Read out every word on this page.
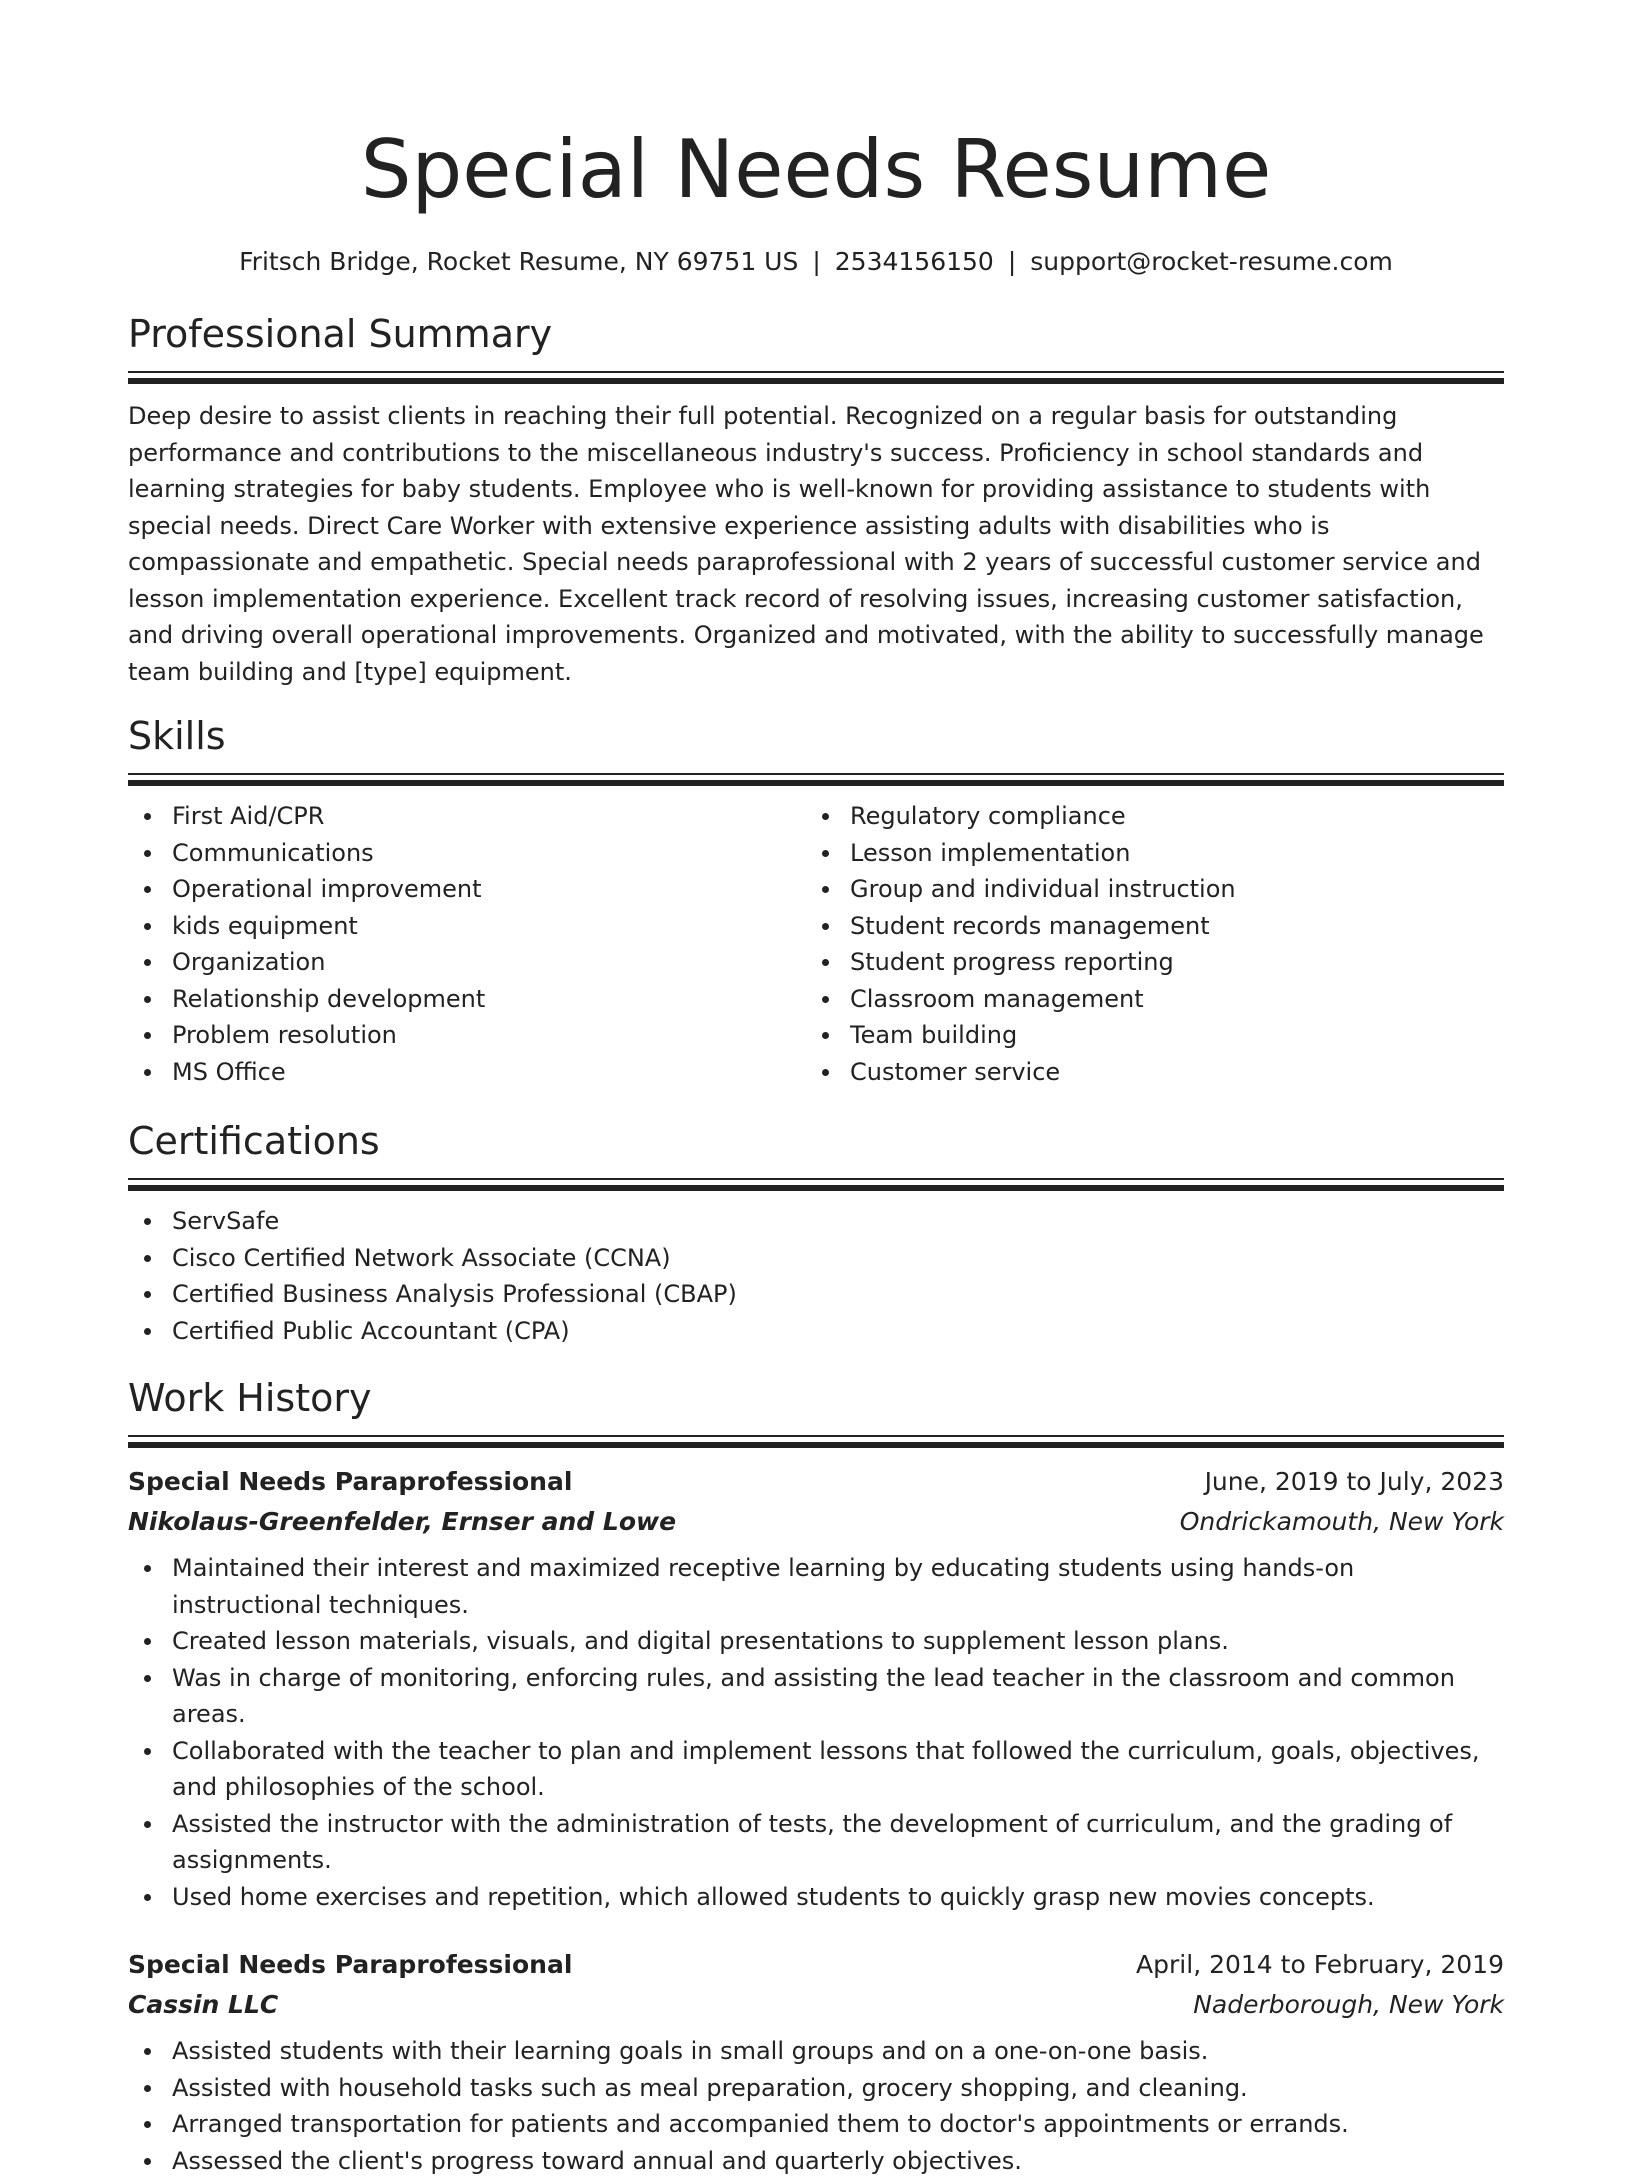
Special Needs Resume
Fritsch Bridge, Rocket Resume, NY 69751 US | 2534156150 | support@rocket-resume.com
Professional Summary

Deep desire to assist clients in reaching their full potential. Recognized on a regular basis for outstanding performance and contributions to the miscellaneous industry's success. Proficiency in school standards and learning strategies for baby students. Employee who is well-known for providing assistance to students with special needs. Direct Care Worker with extensive experience assisting adults with disabilities who is compassionate and empathetic. Special needs paraprofessional with 2 years of successful customer service and lesson implementation experience. Excellent track record of resolving issues, increasing customer satisfaction, and driving overall operational improvements. Organized and motivated, with the ability to successfully manage team building and [type] equipment.

Skills
First Aid/CPR
Communications
Operational improvement
kids equipment
Organization
Relationship development
Problem resolution
MS Office
Regulatory compliance
Lesson implementation
Group and individual instruction
Student records management
Student progress reporting
Classroom management
Team building
Customer service
Certifications
ServSafe
Cisco Certified Network Associate (CCNA)
Certified Business Analysis Professional (CBAP)
Certified Public Accountant (CPA)
Work History
Special Needs Paraprofessional	June, 2019 to July, 2023
Nikolaus-Greenfelder, Ernser and Lowe	Ondrickamouth, New York
Maintained their interest and maximized receptive learning by educating students using hands-on instructional techniques.
Created lesson materials, visuals, and digital presentations to supplement lesson plans.
Was in charge of monitoring, enforcing rules, and assisting the lead teacher in the classroom and common areas.
Collaborated with the teacher to plan and implement lessons that followed the curriculum, goals, objectives, and philosophies of the school.
Assisted the instructor with the administration of tests, the development of curriculum, and the grading of assignments.
Used home exercises and repetition, which allowed students to quickly grasp new movies concepts.
Special Needs Paraprofessional	April, 2014 to February, 2019
Cassin LLC	Naderborough, New York
Assisted students with their learning goals in small groups and on a one-on-one basis.
Assisted with household tasks such as meal preparation, grocery shopping, and cleaning.
Arranged transportation for patients and accompanied them to doctor's appointments or errands.
Assessed the client's progress toward annual and quarterly objectives.
